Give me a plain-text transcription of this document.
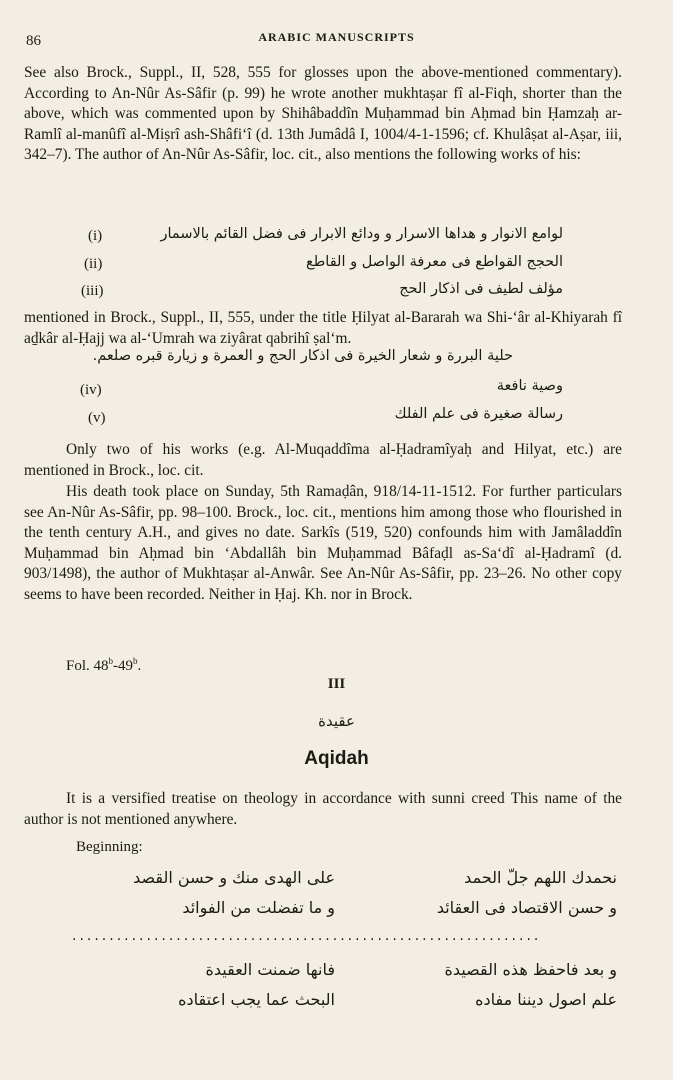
86	ARABIC MANUSCRIPTS
See also Brock., Suppl., II, 528, 555 for glosses upon the above-mentioned commentary). According to An-Nûr As-Sâfir (p. 99) he wrote another mukhtaṣar fî al-Fiqh, shorter than the above, which was commented upon by Shihâbaddîn Muḥammad bin Aḥmad bin Ḥamzaḥ ar-Ramlî al-manûfî al-Miṣrî ash-Shâfi‘î (d. 13th Jumâdâ I, 1004/4-1-1596; cf. Khulâṣat al-Aṣar, iii, 342–7). The author of An-Nûr As-Sâfir, loc. cit., also mentions the following works of his:
(i)	لوامع الانوار و هداها الاسرار و ودائع الابرار فى فضل القائم بالاسمار
(ii)	الحجج القواطع فى معرفة الواصل و القاطع
(iii)	مؤلف لطيف فى اذكار الحج
mentioned in Brock., Suppl., II, 555, under the title Ḥilyat al-Bararah wa Shi-‘âr al-Khiyarah fî aḏkâr al-Ḥajj wa al-‘Umrah wa ziyârat qabrihî ṣal‘m.
حلية البررة و شعار الخيرة فى اذكار الحج و العمرة و زيارة قبره صلعم.
(iv)	وصية نافعة
(v)	رسالة صغيرة فى علم الفلك
Only two of his works (e.g. Al-Muqaddîma al-Ḥadramîyaḥ and Hilyat, etc.) are mentioned in Brock., loc. cit.
His death took place on Sunday, 5th Ramaḍân, 918/14-11-1512. For further particulars see An-Nûr As-Sâfir, pp. 98–100. Brock., loc. cit., mentions him among those who flourished in the tenth century A.H., and gives no date. Sarkîs (519, 520) confounds him with Jamâladdîn Muḥammad bin Aḥmad bin ‘Abdallâh bin Muḥammad Bâfaḍl as-Sa‘dî al-Ḥadramî (d. 903/1498), the author of Mukhtaṣar al-Anwâr. See An-Nûr As-Sâfir, pp. 23–26. No other copy seems to have been recorded. Neither in Ḥaj. Kh. nor in Brock.
Fol. 48$^b$-49$^b$.
III
عقيدة
Aqidah
It is a versified treatise on theology in accordance with sunni creed This name of the author is not mentioned anywhere.
Beginning:
نحمدك اللهم جلّ الحمد
على الهدى منك و حسن القصد
و حسن الاقتصاد فى العقائد
و ما تفضلت من الفوائد
...............................................................
و بعد فاحفظ هذه القصيدة
فانها ضمنت العقيدة
علم اصول ديننا مفاده
البحث عما يجب اعتقاده
